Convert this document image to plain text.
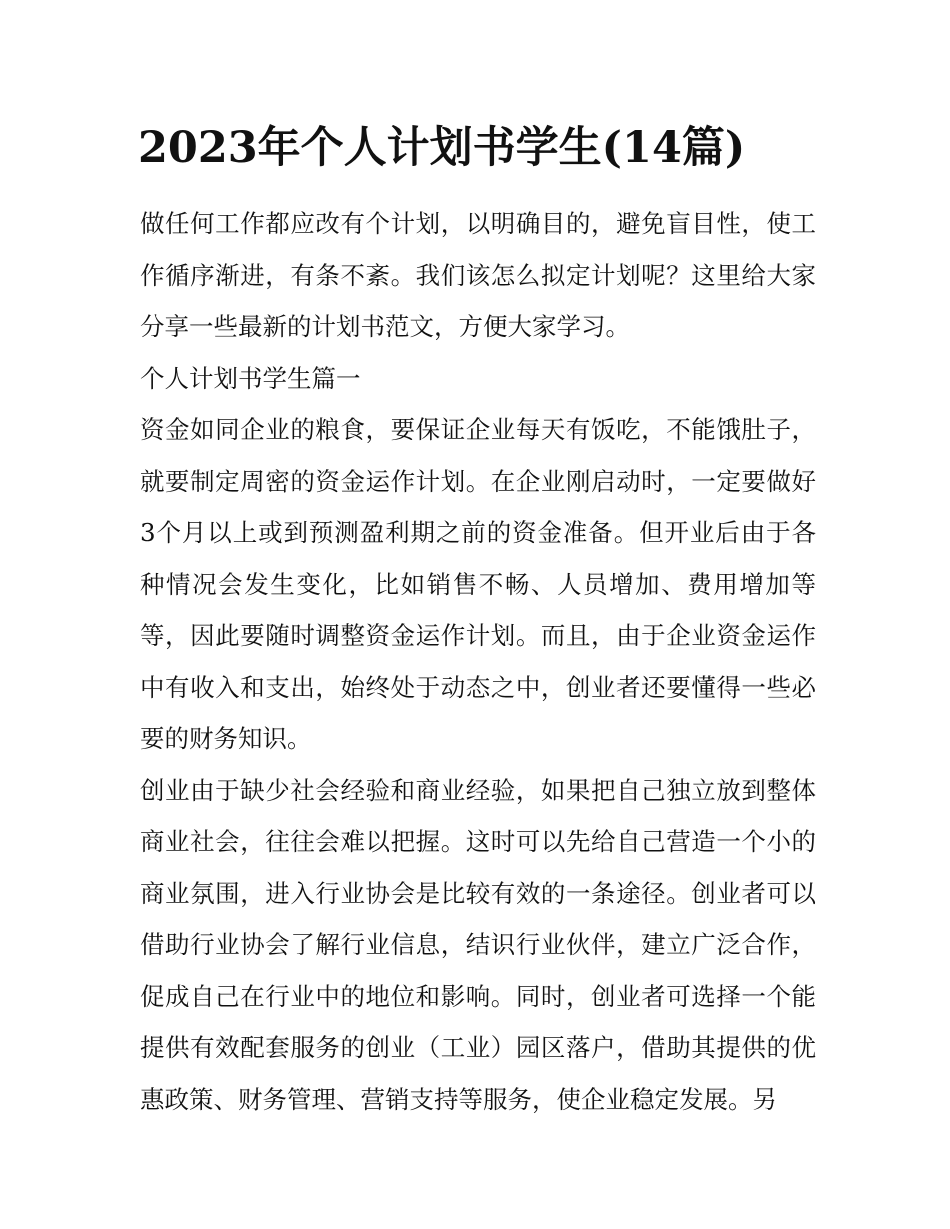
2023年个人计划书学生(14篇)

做任何工作都应改有个计划，以明确目的，避免盲目性，使工作循序渐进，有条不紊。我们该怎么拟定计划呢？这里给大家分享一些最新的计划书范文，方便大家学习。

个人计划书学生篇一

资金如同企业的粮食，要保证企业每天有饭吃，不能饿肚子，就要制定周密的资金运作计划。在企业刚启动时，一定要做好3个月以上或到预测盈利期之前的资金准备。但开业后由于各种情况会发生变化，比如销售不畅、人员增加、费用增加等等，因此要随时调整资金运作计划。而且，由于企业资金运作中有收入和支出，始终处于动态之中，创业者还要懂得一些必要的财务知识。

创业由于缺少社会经验和商业经验，如果把自己独立放到整体商业社会，往往会难以把握。这时可以先给自己营造一个小的商业氛围，进入行业协会是比较有效的一条途径。创业者可以借助行业协会了解行业信息，结识行业伙伴，建立广泛合作，促成自己在行业中的地位和影响。同时，创业者可选择一个能提供有效配套服务的创业（工业）园区落户，借助其提供的优惠政策、财务管理、营销支持等服务，使企业稳定发展。另
